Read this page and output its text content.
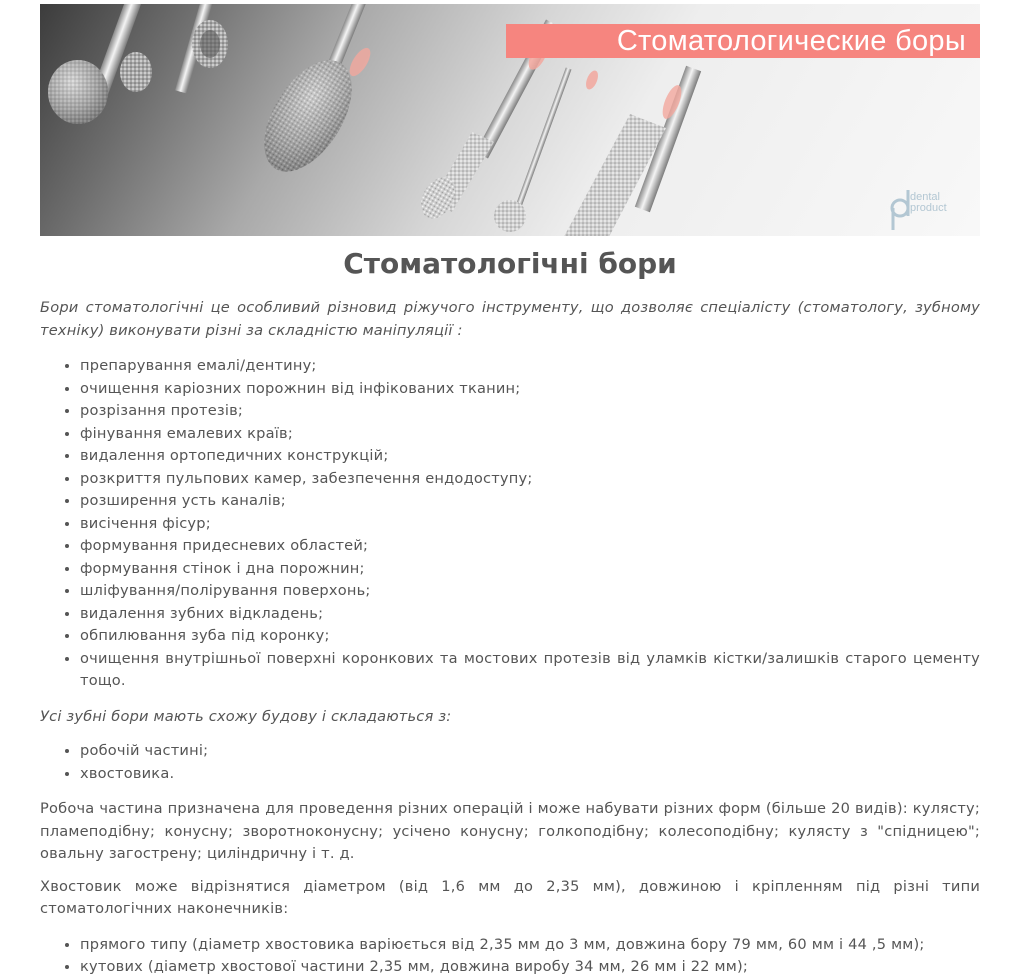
Стоматологические боры
dental
product
Стоматологічні бори

Бори стоматологічні це особливий різновид ріжучого інструменту, що дозволяє спеціалісту (стоматологу, зубному техніку) виконувати різні за складністю маніпуляції :

• препарування емалі/дентину;
• очищення каріозних порожнин від інфікованих тканин;
• розрізання протезів;
• фінування емалевих країв;
• видалення ортопедичних конструкцій;
• розкриття пульпових камер, забезпечення ендодоступу;
• розширення усть каналів;
• висічення фісур;
• формування придесневих областей;
• формування стінок і дна порожнин;
• шліфування/полірування поверхонь;
• видалення зубних відкладень;
• обпилювання зуба під коронку;
• очищення внутрішньої поверхні коронкових та мостових протезів від уламків кістки/залишків старого цементу тощо.

Усі зубні бори мають схожу будову і складаються з:

• робочій частині;
• хвостовика.

Робоча частина призначена для проведення різних операцій і може набувати різних форм (більше 20 видів): кулясту; пламеподібну; конусну; зворотноконусну; усічено конусну; голкоподібну; колесоподібну; кулясту з "спідницею"; овальну загострену; циліндричну і т. д.

Хвостовик може відрізнятися діаметром (від 1,6 мм до 2,35 мм), довжиною і кріпленням під різні типи стоматологічних наконечників:

• прямого типу (діаметр хвостовика варіюється від 2,35 мм до 3 мм, довжина бору 79 мм, 60 мм і 44 ,5 мм);
• кутових (діаметр хвостової частини 2,35 мм, довжина виробу 34 мм, 26 мм і 22 мм);
